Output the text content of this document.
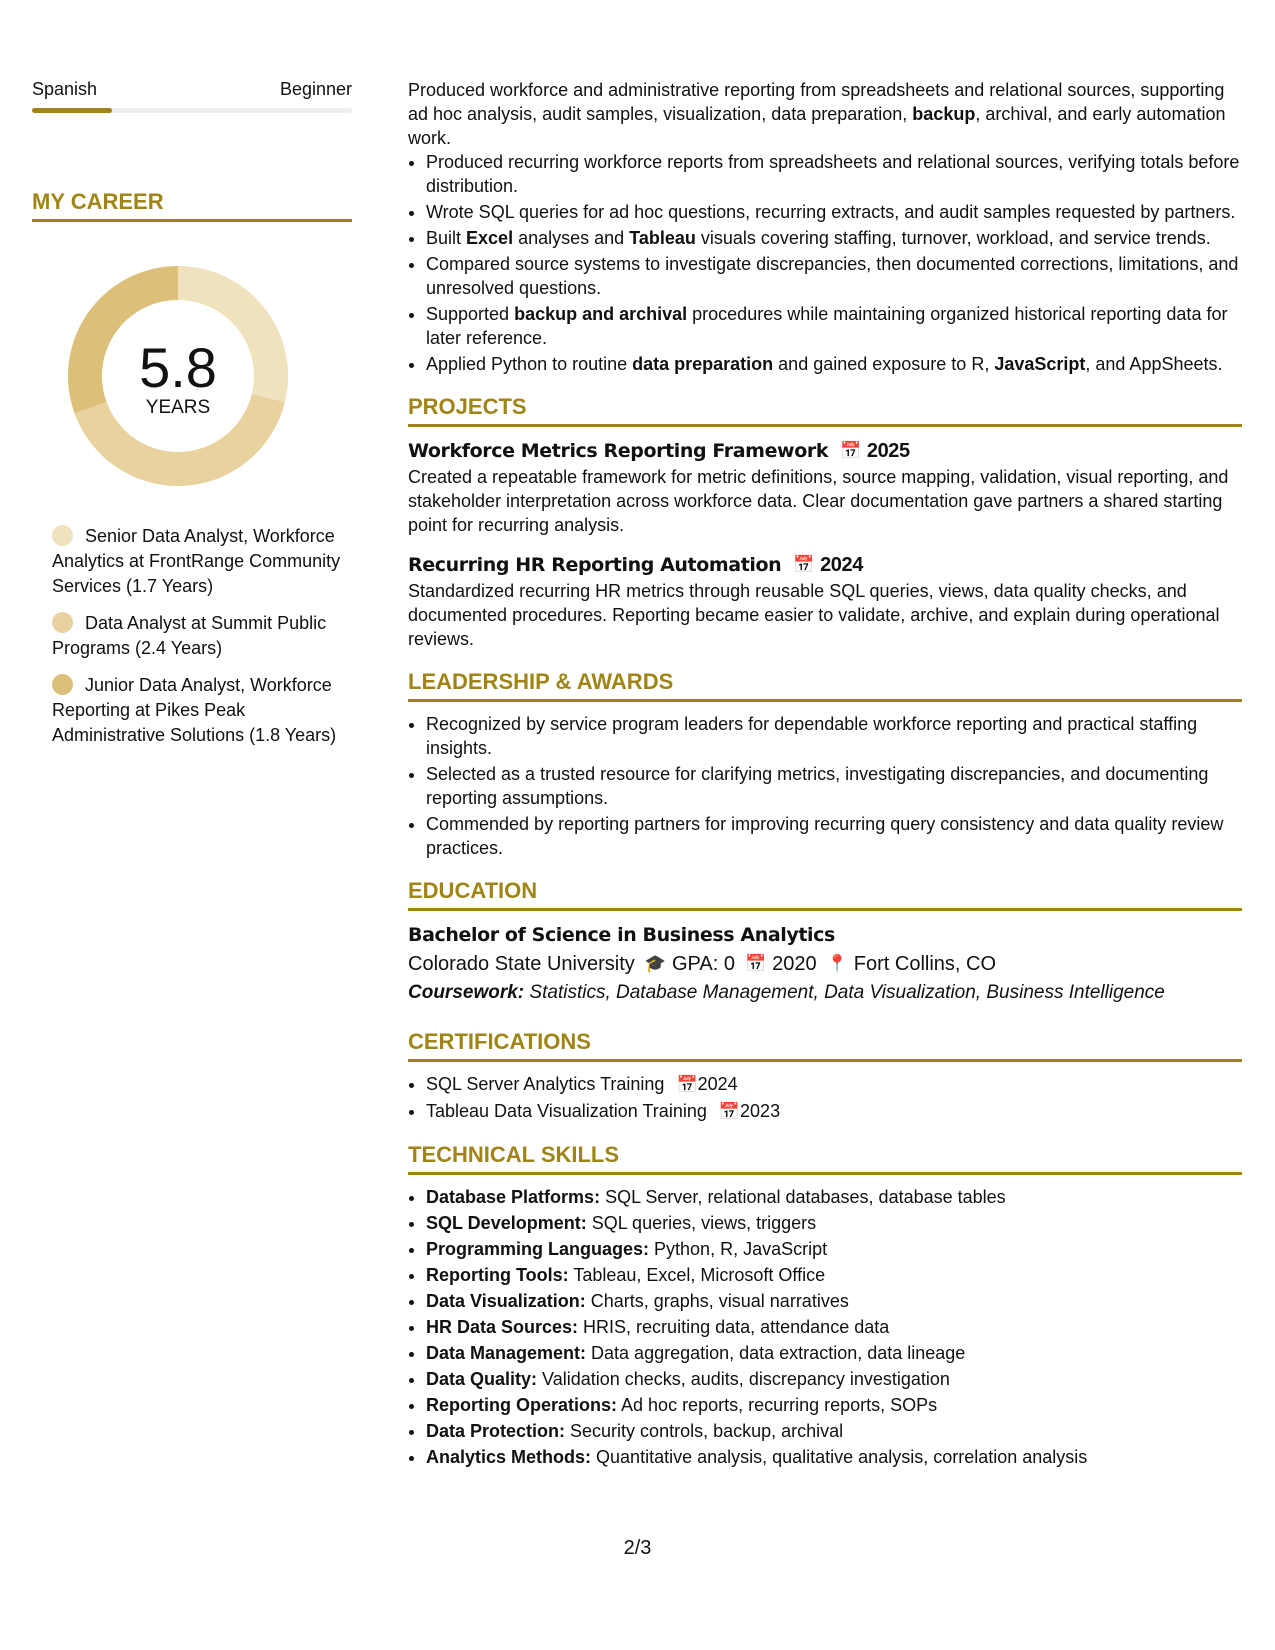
Spanish	Beginner
MY CAREER
5.8
YEARS
Senior Data Analyst, Workforce Analytics at FrontRange Community Services (1.7 Years)
Data Analyst at Summit Public Programs (2.4 Years)
Junior Data Analyst, Workforce Reporting at Pikes Peak Administrative Solutions (1.8 Years)

Produced workforce and administrative reporting from spreadsheets and relational sources, supporting ad hoc analysis, audit samples, visualization, data preparation, backup, archival, and early automation work.

• Produced recurring workforce reports from spreadsheets and relational sources, verifying totals before distribution.
• Wrote SQL queries for ad hoc questions, recurring extracts, and audit samples requested by partners.
• Built Excel analyses and Tableau visuals covering staffing, turnover, workload, and service trends.
• Compared source systems to investigate discrepancies, then documented corrections, limitations, and unresolved questions.
• Supported backup and archival procedures while maintaining organized historical reporting data for later reference.
• Applied Python to routine data preparation and gained exposure to R, JavaScript, and AppSheets.
PROJECTS
Workforce Metrics Reporting Framework 📅 2025

Created a repeatable framework for metric definitions, source mapping, validation, visual reporting, and stakeholder interpretation across workforce data. Clear documentation gave partners a shared starting point for recurring analysis.

Recurring HR Reporting Automation 📅 2024

Standardized recurring HR metrics through reusable SQL queries, views, data quality checks, and documented procedures. Reporting became easier to validate, archive, and explain during operational reviews.

LEADERSHIP & AWARDS
• Recognized by service program leaders for dependable workforce reporting and practical staffing insights.
• Selected as a trusted resource for clarifying metrics, investigating discrepancies, and documenting reporting assumptions.
• Commended by reporting partners for improving recurring query consistency and data quality review practices.
EDUCATION
Bachelor of Science in Business Analytics
Colorado State University 🎓 GPA: 0 📅 2020 📍 Fort Collins, CO
Coursework: Statistics, Database Management, Data Visualization, Business Intelligence
CERTIFICATIONS
• SQL Server Analytics Training 📅2024
• Tableau Data Visualization Training 📅2023
TECHNICAL SKILLS
• Database Platforms: SQL Server, relational databases, database tables
• SQL Development: SQL queries, views, triggers
• Programming Languages: Python, R, JavaScript
• Reporting Tools: Tableau, Excel, Microsoft Office
• Data Visualization: Charts, graphs, visual narratives
• HR Data Sources: HRIS, recruiting data, attendance data
• Data Management: Data aggregation, data extraction, data lineage
• Data Quality: Validation checks, audits, discrepancy investigation
• Reporting Operations: Ad hoc reports, recurring reports, SOPs
• Data Protection: Security controls, backup, archival
• Analytics Methods: Quantitative analysis, qualitative analysis, correlation analysis
2/3
